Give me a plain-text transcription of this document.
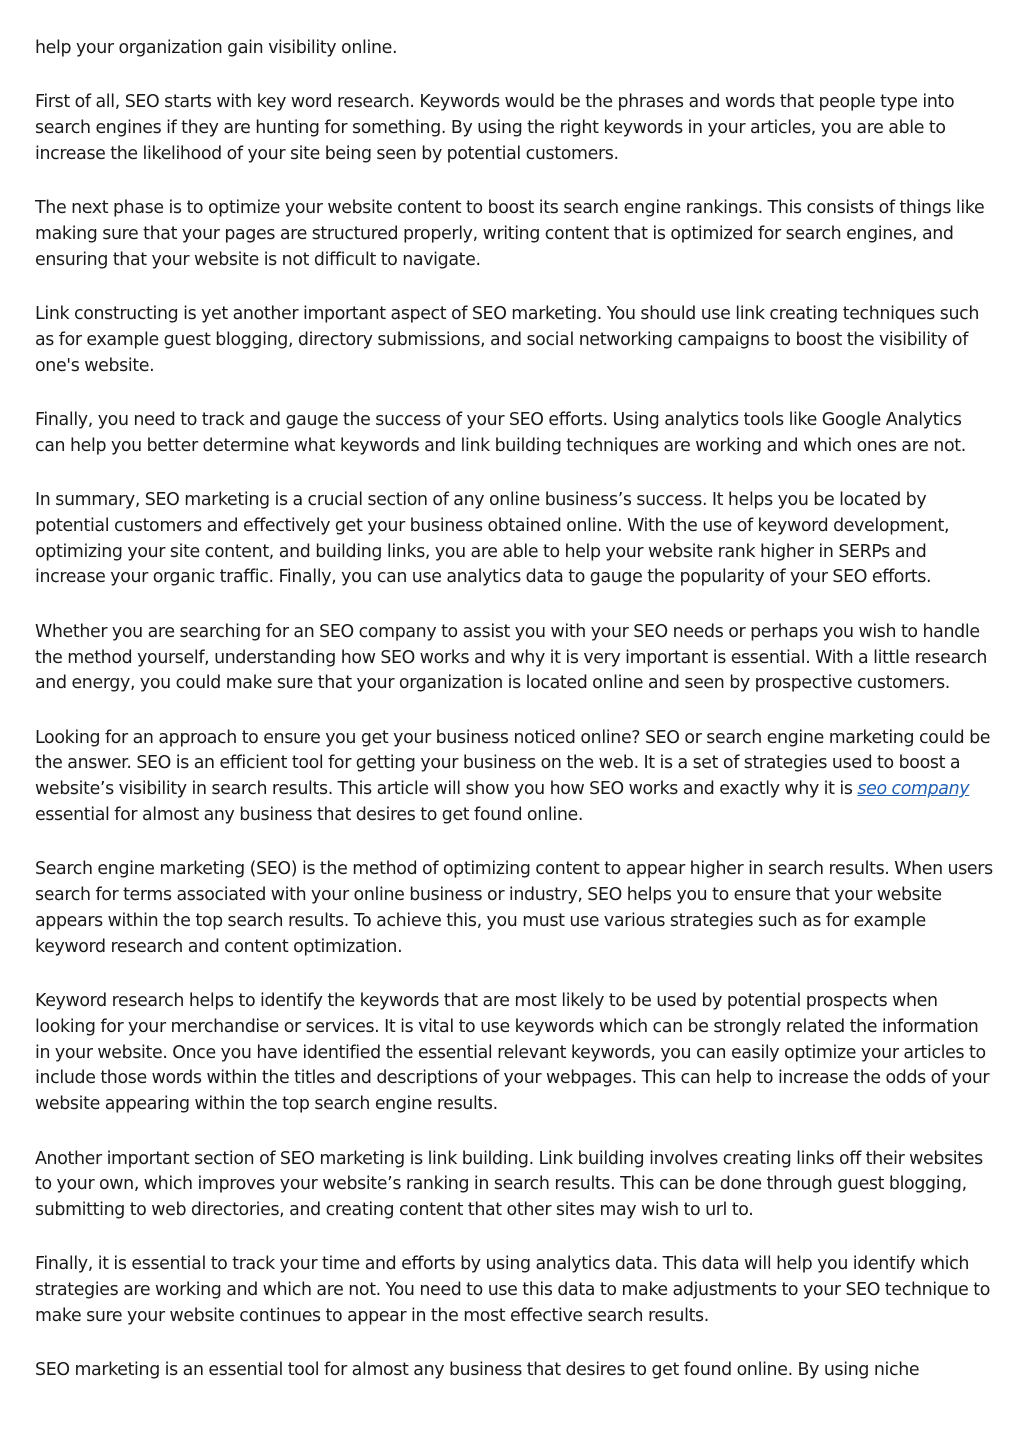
help your organization gain visibility online.

First of all, SEO starts with key word research. Keywords would be the phrases and words that people type into search engines if they are hunting for something. By using the right keywords in your articles, you are able to increase the likelihood of your site being seen by potential customers.

The next phase is to optimize your website content to boost its search engine rankings. This consists of things like making sure that your pages are structured properly, writing content that is optimized for search engines, and ensuring that your website is not difficult to navigate.

Link constructing is yet another important aspect of SEO marketing. You should use link creating techniques such as for example guest blogging, directory submissions, and social networking campaigns to boost the visibility of one's website.

Finally, you need to track and gauge the success of your SEO efforts. Using analytics tools like Google Analytics can help you better determine what keywords and link building techniques are working and which ones are not.

In summary, SEO marketing is a crucial section of any online business’s success. It helps you be located by potential customers and effectively get your business obtained online. With the use of keyword development, optimizing your site content, and building links, you are able to help your website rank higher in SERPs and increase your organic traffic. Finally, you can use analytics data to gauge the popularity of your SEO efforts.

Whether you are searching for an SEO company to assist you with your SEO needs or perhaps you wish to handle the method yourself, understanding how SEO works and why it is very important is essential. With a little research and energy, you could make sure that your organization is located online and seen by prospective customers.

Looking for an approach to ensure you get your business noticed online? SEO or search engine marketing could be the answer. SEO is an efficient tool for getting your business on the web. It is a set of strategies used to boost a website’s visibility in search results. This article will show you how SEO works and exactly why it is seo company essential for almost any business that desires to get found online.

Search engine marketing (SEO) is the method of optimizing content to appear higher in search results. When users search for terms associated with your online business or industry, SEO helps you to ensure that your website appears within the top search results. To achieve this, you must use various strategies such as for example keyword research and content optimization.

Keyword research helps to identify the keywords that are most likely to be used by potential prospects when looking for your merchandise or services. It is vital to use keywords which can be strongly related the information in your website. Once you have identified the essential relevant keywords, you can easily optimize your articles to include those words within the titles and descriptions of your webpages. This can help to increase the odds of your website appearing within the top search engine results.

Another important section of SEO marketing is link building. Link building involves creating links off their websites to your own, which improves your website’s ranking in search results. This can be done through guest blogging, submitting to web directories, and creating content that other sites may wish to url to.

Finally, it is essential to track your time and efforts by using analytics data. This data will help you identify which strategies are working and which are not. You need to use this data to make adjustments to your SEO technique to make sure your website continues to appear in the most effective search results.

SEO marketing is an essential tool for almost any business that desires to get found online. By using niche
